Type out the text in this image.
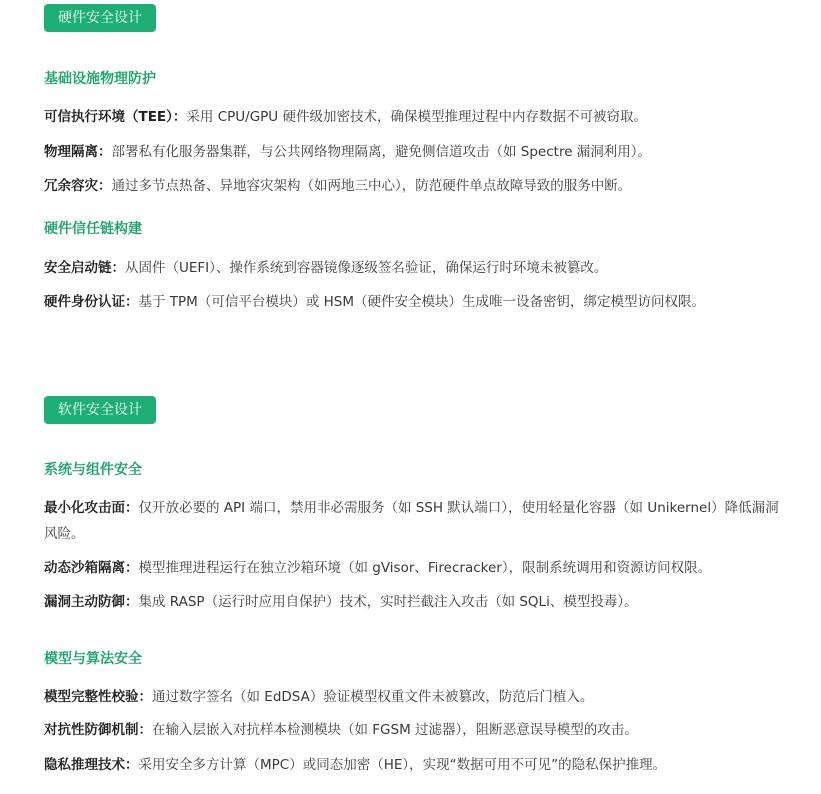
硬件安全设计
基础设施物理防护
可信执行环境（TEE）：采用 CPU/GPU 硬件级加密技术，确保模型推理过程中内存数据不可被窃取。
物理隔离：部署私有化服务器集群，与公共网络物理隔离，避免侧信道攻击（如 Spectre 漏洞利用）。
冗余容灾：通过多节点热备、异地容灾架构（如两地三中心），防范硬件单点故障导致的服务中断。
硬件信任链构建
安全启动链：从固件（UEFI）、操作系统到容器镜像逐级签名验证，确保运行时环境未被篡改。
硬件身份认证：基于 TPM（可信平台模块）或 HSM（硬件安全模块）生成唯一设备密钥，绑定模型访问权限。
软件安全设计
系统与组件安全
最小化攻击面：仅开放必要的 API 端口，禁用非必需服务（如 SSH 默认端口），使用轻量化容器（如 Unikernel）降低漏洞风险。
动态沙箱隔离：模型推理进程运行在独立沙箱环境（如 gVisor、Firecracker），限制系统调用和资源访问权限。
漏洞主动防御：集成 RASP（运行时应用自保护）技术，实时拦截注入攻击（如 SQLi、模型投毒）。
模型与算法安全
模型完整性校验：通过数字签名（如 EdDSA）验证模型权重文件未被篡改，防范后门植入。
对抗性防御机制：在输入层嵌入对抗样本检测模块（如 FGSM 过滤器），阻断恶意误导模型的攻击。
隐私推理技术：采用安全多方计算（MPC）或同态加密（HE），实现“数据可用不可见”的隐私保护推理。
